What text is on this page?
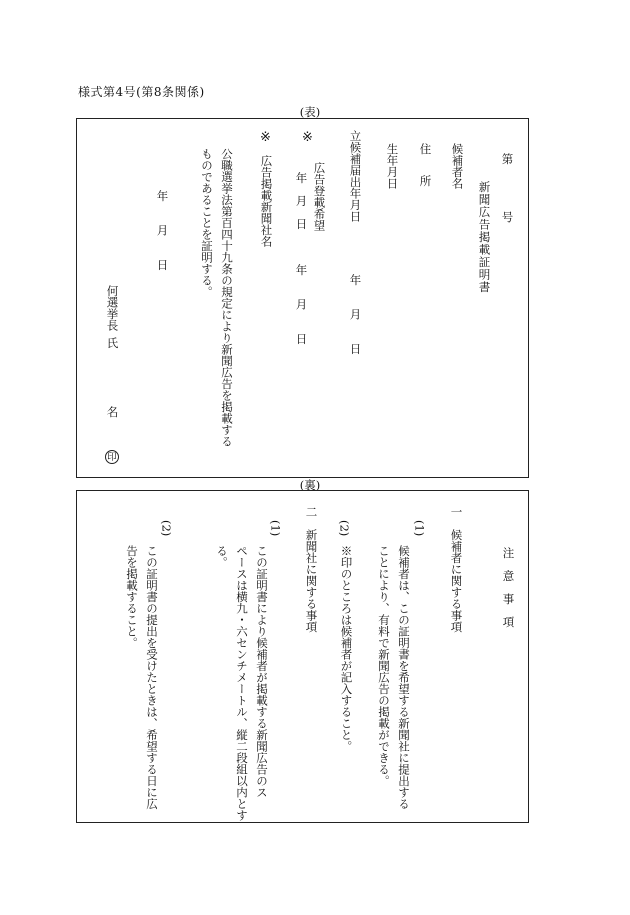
様式第4号(第8条関係)
(表)
第
号
新聞広告掲載証明書
候補者名
住
所
生年月日
立候補届出年月日
年　　月　　日
※
広告登載希望
年　月　日　　　年　　月　　日
※
広告掲載新聞社名
公職選挙法第百四十九条の規定により新聞広告を掲載する
ものであることを証明する。
年　　月　　日
何選挙長
氏　　　　　名
印
(裏)
注　意　事　項
一　候補者に関する事項
(1)
候補者は、この証明書を希望する新聞社に提出する
ことにより、有料で新聞広告の掲載ができる。
(2)
※印のところは候補者が記入すること。
二　新聞社に関する事項
(1)
この証明書により候補者が掲載する新聞広告のス
ペースは横九・六センチメートル、縦二段組以内とす
る。
(2)
この証明書の提出を受けたときは、希望する日に広
告を掲載すること。
